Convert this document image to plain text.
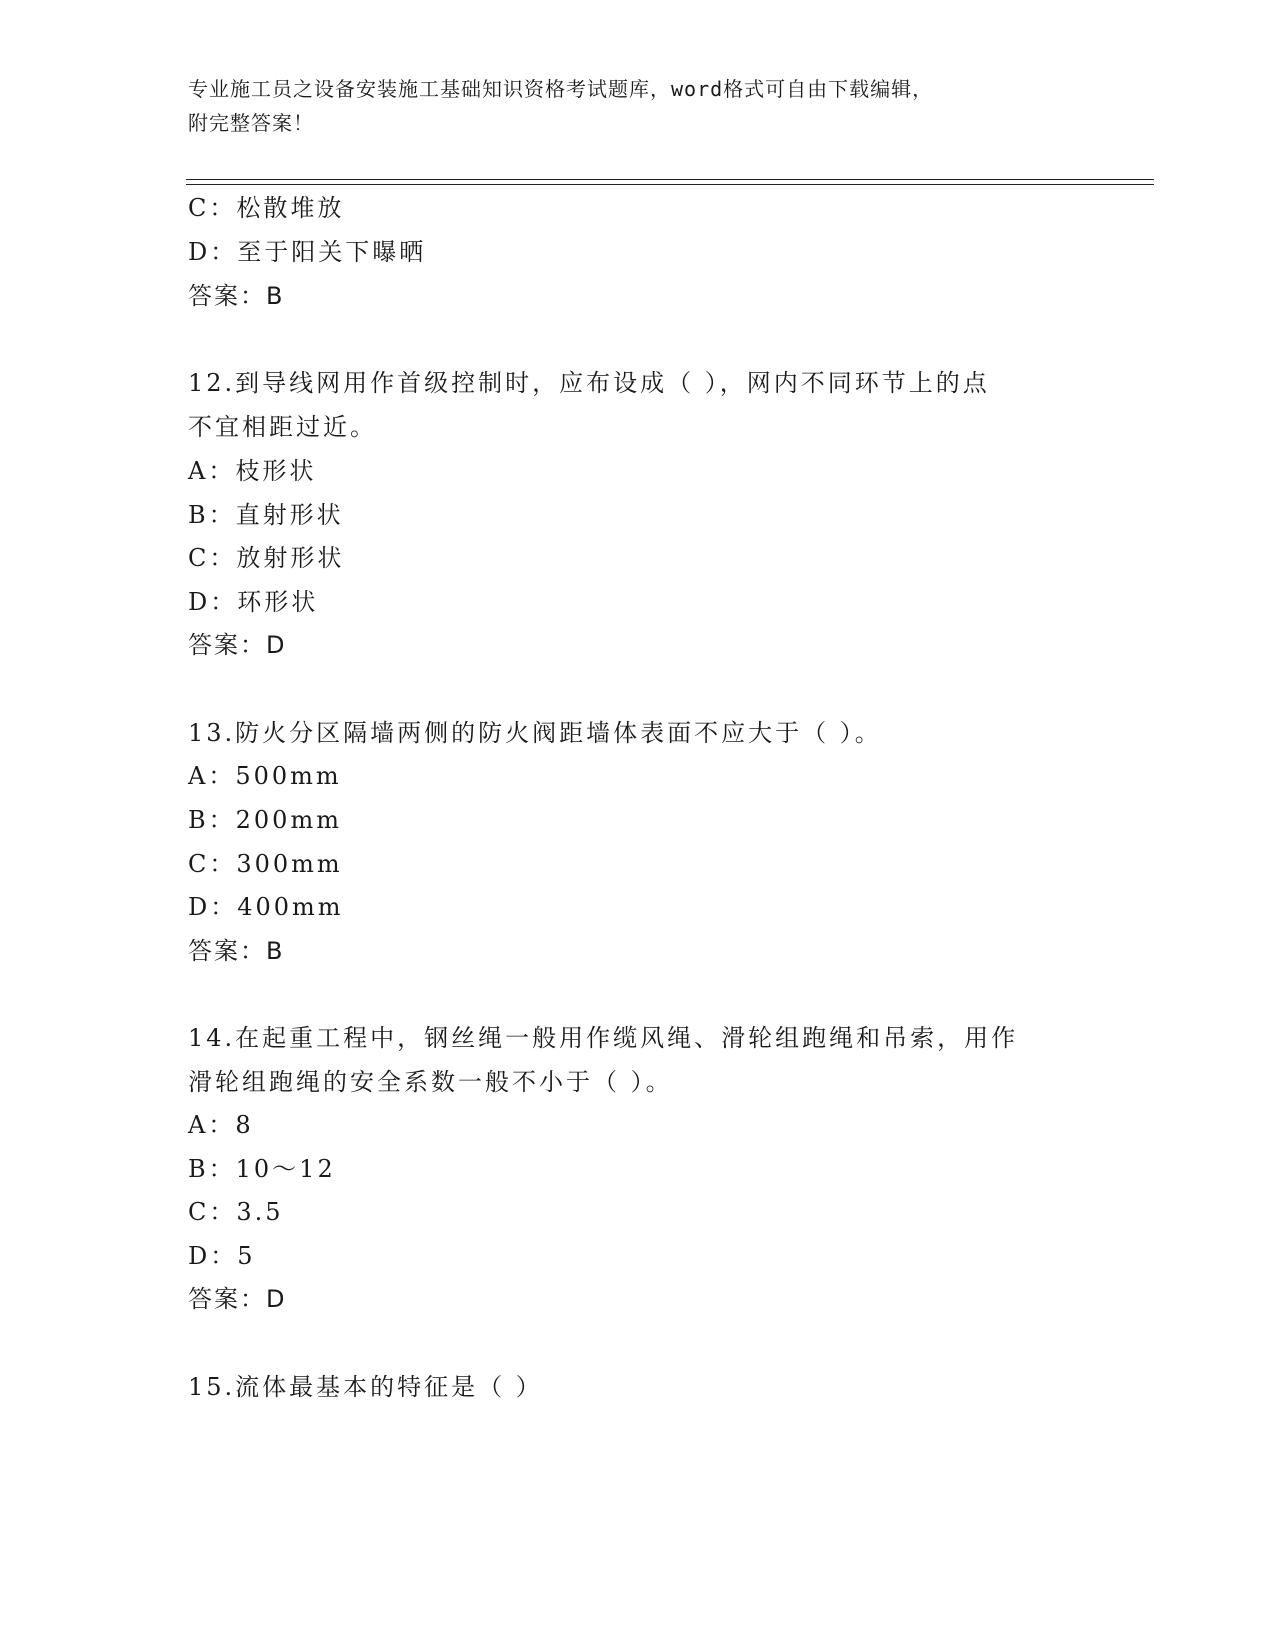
专业施工员之设备安装施工基础知识资格考试题库，word格式可自由下载编辑，
附完整答案！
C：松散堆放
D：至于阳关下曝晒
答案：B
12.到导线网用作首级控制时，应布设成（ ），网内不同环节上的点
不宜相距过近。
A：枝形状
B：直射形状
C：放射形状
D：环形状
答案：D
13.防火分区隔墙两侧的防火阀距墙体表面不应大于（ ）。
A：500mm
B：200mm
C：300mm
D：400mm
答案：B
14.在起重工程中，钢丝绳一般用作缆风绳、滑轮组跑绳和吊索，用作
滑轮组跑绳的安全系数一般不小于（ ）。
A：8
B：10～12
C：3.5
D：5
答案：D
15.流体最基本的特征是（ ）
